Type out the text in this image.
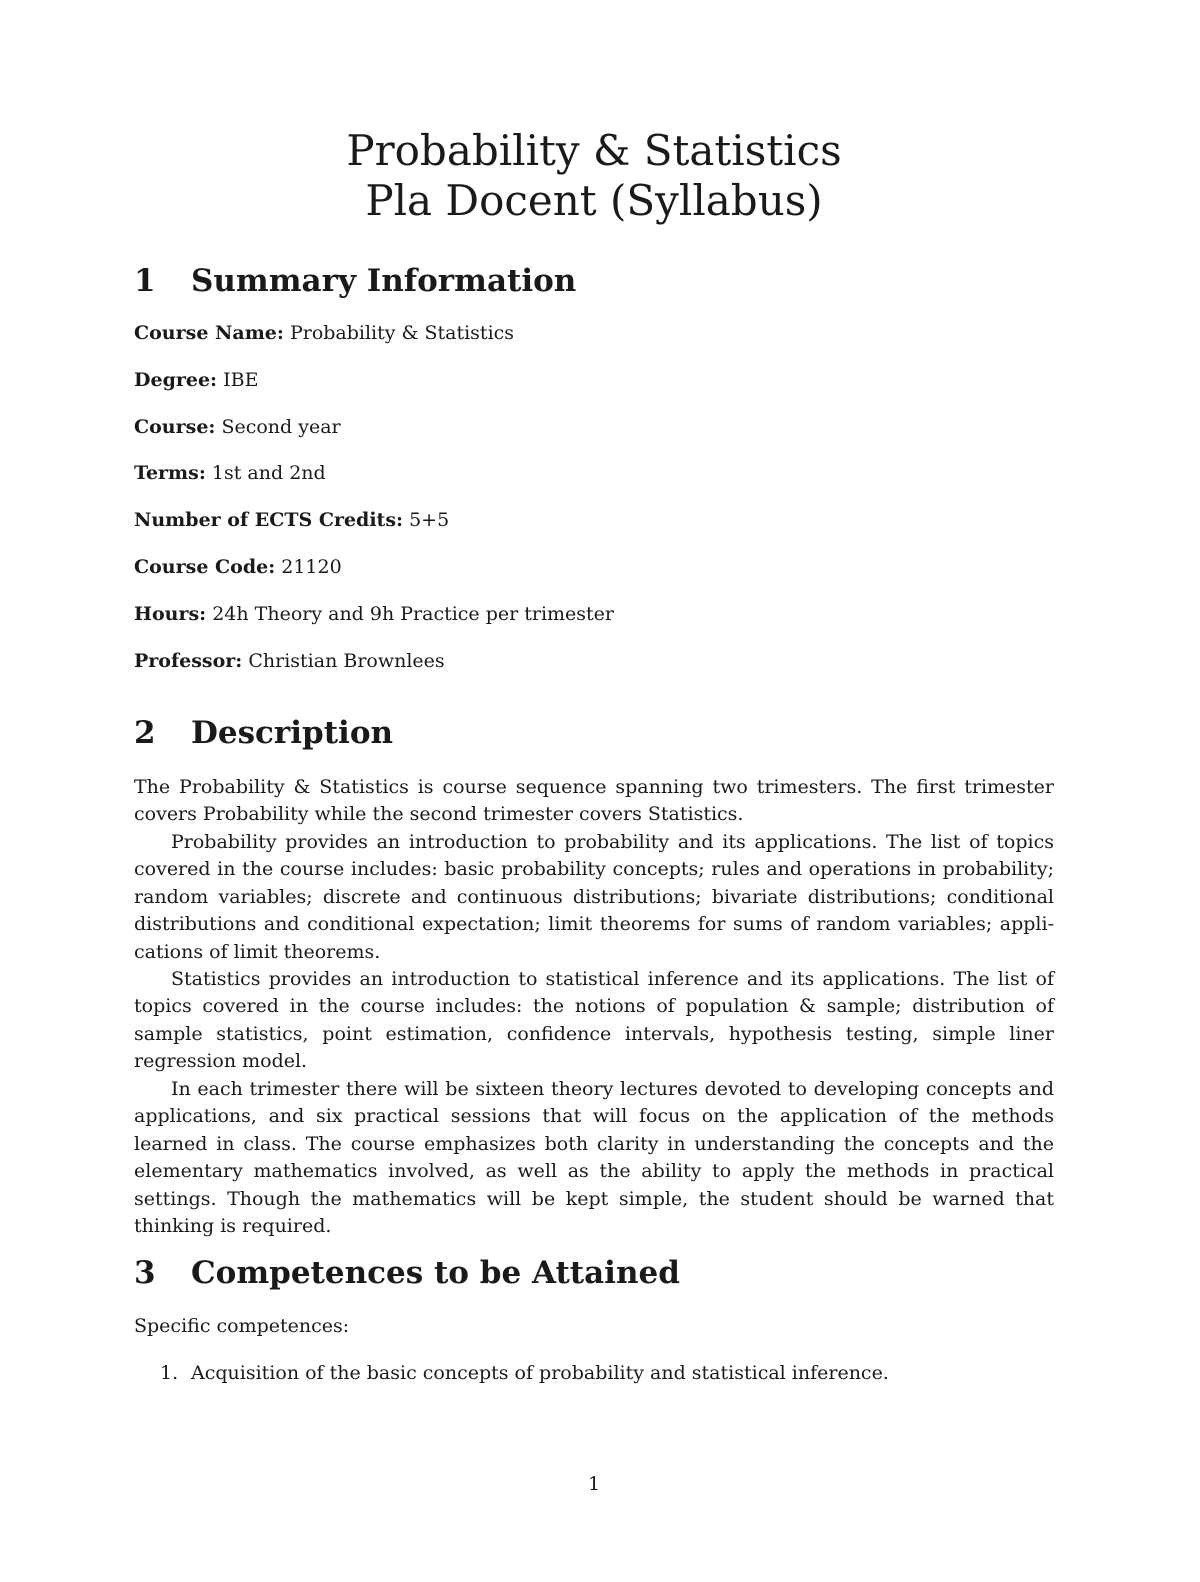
Probability & Statistics
Pla Docent (Syllabus)
1 Summary Information

Course Name: Probability & Statistics

Degree: IBE

Course: Second year

Terms: 1st and 2nd

Number of ECTS Credits: 5+5

Course Code: 21120

Hours: 24h Theory and 9h Practice per trimester

Professor: Christian Brownlees

2 Description

The Probability & Statistics is course sequence spanning two trimesters. The first trimester covers Probability while the second trimester covers Statistics.

Probability provides an introduction to probability and its applications. The list of topics covered in the course includes: basic probability concepts; rules and operations in probability; random variables; discrete and continuous distributions; bivariate distributions; conditional distributions and conditional expectation; limit theorems for sums of random variables; applications of limit theorems.

Statistics provides an introduction to statistical inference and its applications. The list of topics covered in the course includes: the notions of population & sample; distribution of sample statistics, point estimation, confidence intervals, hypothesis testing, simple liner regression model.

In each trimester there will be sixteen theory lectures devoted to developing concepts and applications, and six practical sessions that will focus on the application of the methods learned in class. The course emphasizes both clarity in understanding the concepts and the elementary mathematics involved, as well as the ability to apply the methods in practical settings. Though the mathematics will be kept simple, the student should be warned that thinking is required.

3 Competences to be Attained

Specific competences:

1. Acquisition of the basic concepts of probability and statistical inference.

1
